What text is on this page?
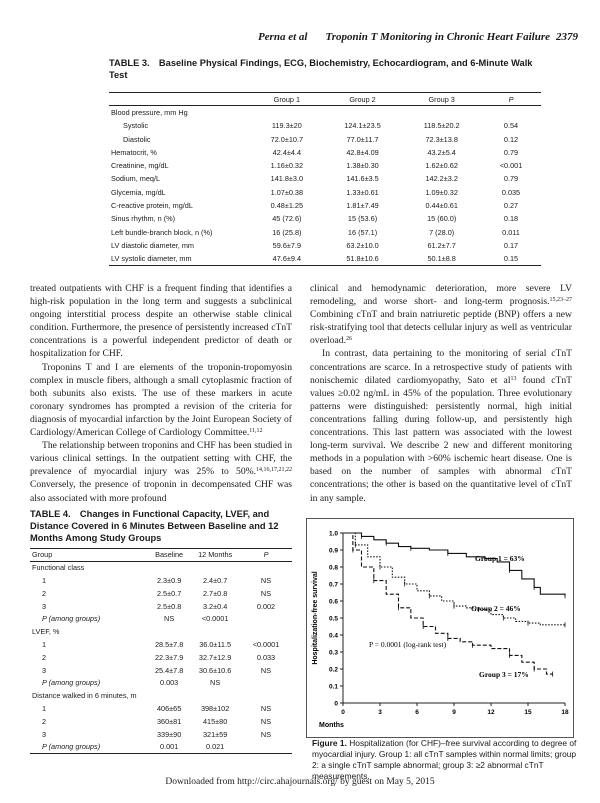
Perna et al Troponin T Monitoring in Chronic Heart Failure 2379
TABLE 3. Baseline Physical Findings, ECG, Biochemistry, Echocardiogram, and 6-Minute Walk Test
	Group 1	Group 2	Group 3	P
Blood pressure, mm Hg				
Systolic	119.3±20	124.1±23.5	118.5±20.2	0.54
Diastolic	72.0±10.7	77.0±11.7	72.3±13.8	0.12
Hematocrit, %	42.4±4.4	42.8±4.09	43.2±5.4	0.79
Creatinine, mg/dL	1.16±0.32	1.38±0.30	1.62±0.62	<0.001
Sodium, meq/L	141.8±3.0	141.6±3.5	142.2±3.2	0.79
Glycemia, mg/dL	1.07±0.38	1.33±0.61	1.09±0.32	0.035
C-reactive protein, mg/dL	0.48±1.25	1.81±7.49	0.44±0.61	0.27
Sinus rhythm, n (%)	45 (72.6)	15 (53.6)	15 (60.0)	0.18
Left bundle-branch block, n (%)	16 (25.8)	16 (57.1)	7 (28.0)	0.011
LV diastolic diameter, mm	59.6±7.9	63.2±10.0	61.2±7.7	0.17
LV systolic diameter, mm	47.6±9.4	51.8±10.6	50.1±8.8	0.15

treated outpatients with CHF is a frequent finding that identifies a high-risk population in the long term and suggests a subclinical ongoing interstitial process despite an otherwise stable clinical condition. Furthermore, the presence of persistently increased cTnT concentrations is a powerful independent predictor of death or hospitalization for CHF.

Troponins T and I are elements of the troponin-tropomyosin complex in muscle fibers, although a small cytoplasmic fraction of both subunits also exists. The use of these markers in acute coronary syndromes has prompted a revision of the criteria for diagnosis of myocardial infarction by the Joint European Society of Cardiology/American College of Cardiology Committee.$^{11,12}$

The relationship between troponins and CHF has been studied in various clinical settings. In the outpatient setting with CHF, the prevalence of myocardial injury was 25% to 50%.$^{14,16,17,21,22}$ Conversely, the presence of troponin in decompensated CHF was also associated with more profound

clinical and hemodynamic deterioration, more severe LV remodeling, and worse short- and long-term prognosis.$^{15,23-27}$ Combining cTnT and brain natriuretic peptide (BNP) offers a new risk-stratifying tool that detects cellular injury as well as ventricular overload.$^{26}$

In contrast, data pertaining to the monitoring of serial cTnT concentrations are scarce. In a retrospective study of patients with nonischemic dilated cardiomyopathy, Sato et $al^{13}$ found cTnT values ≥0.02 ng/mL in 45% of the population. Three evolutionary patterns were distinguished: persistently normal, high initial concentrations falling during follow-up, and persistently high concentrations. This last pattern was associated with the lowest long-term survival. We describe 2 new and different monitoring methods in a population with >60% ischemic heart disease. One is based on the number of samples with abnormal cTnT concentrations; the other is based on the quantitative level of cTnT in any sample.

TABLE 4. Changes in Functional Capacity, LVEF, and Distance Covered in 6 Minutes Between Baseline and 12 Months Among Study Groups
Group	Baseline	12 Months	P
Functional class			
1	2.3±0.9	2.4±0.7	NS
2	2.5±0.7	2.7±0.8	NS
3	2.5±0.8	3.2±0.4	0.002
P (among groups)	NS	<0.0001	
LVEF, %			
1	28.5±7.8	36.0±11.5	<0.0001
2	22.3±7.9	32.7±12.9	0.033
3	25.4±7.8	30.6±10.6	NS
P (among groups)	0.003	NS	
Distance walked in 6 minutes, m			
1	406±65	398±102	NS
2	360±81	415±80	NS
3	339±90	321±59	NS
P (among groups)	0.001	0.021	
0
0.1
0.2
0.3
0.4
0.5
0.6
0.7
0.8
0.9
1.0
0	3	6	9	12	15	18
Hospitalization-free survival
Months
Group 1 = 63%
Group 2 = 46%
Group 3 = 17%
P = 0.0001 (log-rank test)
Figure 1. Hospitalization (for CHF)–free survival according to degree of myocardial injury. Group 1: all cTnT samples within normal limits; group 2: a single cTnT sample abnormal; group 3: ≥2 abnormal cTnT measurements.
Downloaded from http://circ.ahajournals.org/ by guest on May 5, 2015
